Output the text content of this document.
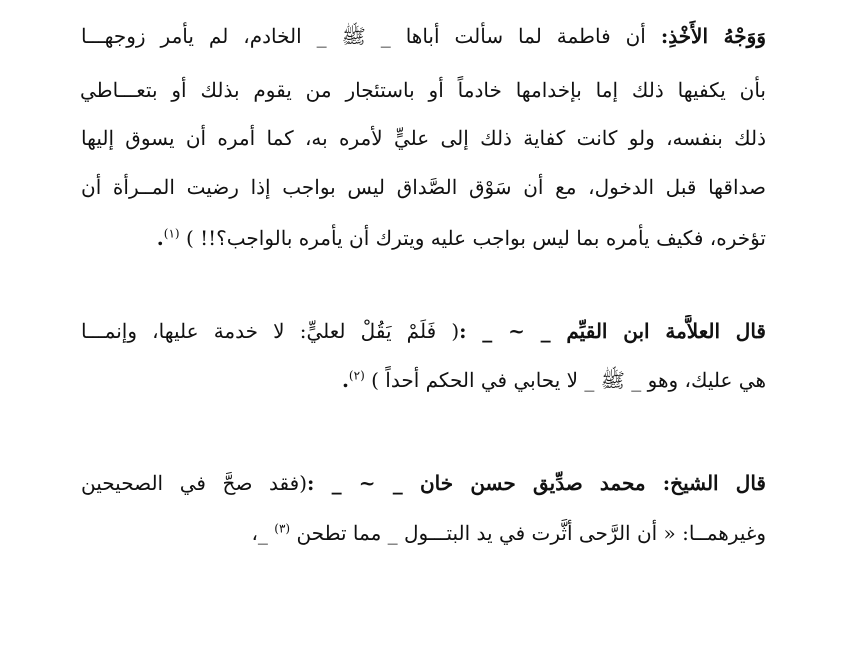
وَوَجْهُ الأَخْذِ: أن فاطمة لما سألت أباها _ ﷺ _ الخادم، لم يأمر زوجهـــا
بأن يكفيها ذلك إما بإخدامها خادماً أو باستئجار من يقوم بذلك أو بتعـــاطي
ذلك بنفسه، ولو كانت كفاية ذلك إلى عليٍّ لأمره به، كما أمره أن يسوق إليها
صداقها قبل الدخول، مع أن سَوْق الصَّداق ليس بواجب إذا رضيت المــرأة أن
تؤخره، فكيف يأمره بما ليس بواجب عليه ويترك أن يأمره بالواجب؟!! ) $^{(١)}$.
قال العلاَّمة ابن القيِّم _ ~ _ :( فَلَمْ يَقُلْ لعليٍّ: لا خدمة عليها، وإنمـــا
هي عليك، وهو _ ﷺ _ لا يحابي في الحكم أحداً ) $^{(٢)}$.
قال الشيخ: محمد صدِّيق حسن خان _ ~ _ :(فقد صحَّ في الصحيحين
وغيرهمــا: « أن الرَّحى أثَّرت في يد البتـــول _ مما تطحن $^{(٣)}$ _،
